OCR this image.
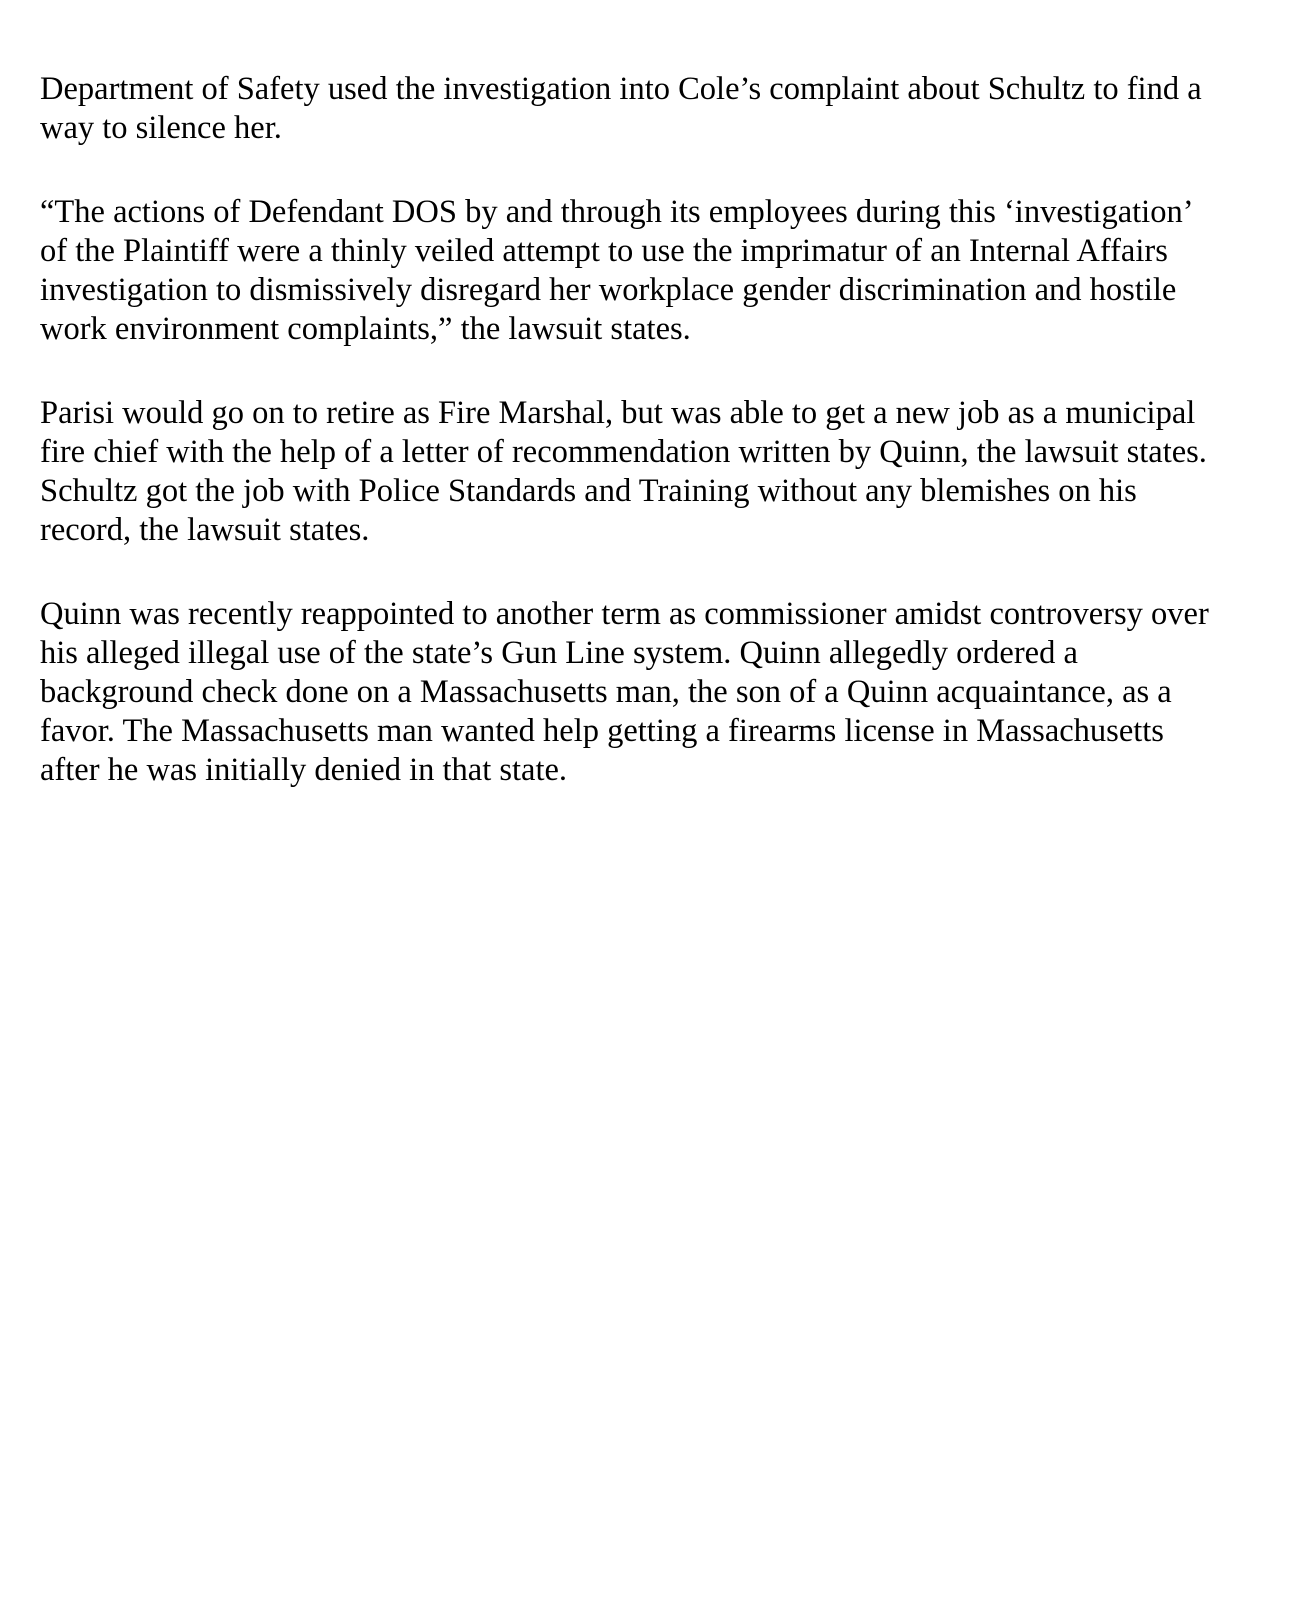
Department of Safety used the investigation into Cole’s complaint about Schultz to find a
way to silence her.

“The actions of Defendant DOS by and through its employees during this ‘investigation’
of the Plaintiff were a thinly veiled attempt to use the imprimatur of an Internal Affairs
investigation to dismissively disregard her workplace gender discrimination and hostile
work environment complaints,” the lawsuit states.

Parisi would go on to retire as Fire Marshal, but was able to get a new job as a municipal
fire chief with the help of a letter of recommendation written by Quinn, the lawsuit states.
Schultz got the job with Police Standards and Training without any blemishes on his
record, the lawsuit states.

Quinn was recently reappointed to another term as commissioner amidst controversy over
his alleged illegal use of the state’s Gun Line system. Quinn allegedly ordered a
background check done on a Massachusetts man, the son of a Quinn acquaintance, as a
favor. The Massachusetts man wanted help getting a firearms license in Massachusetts
after he was initially denied in that state.
